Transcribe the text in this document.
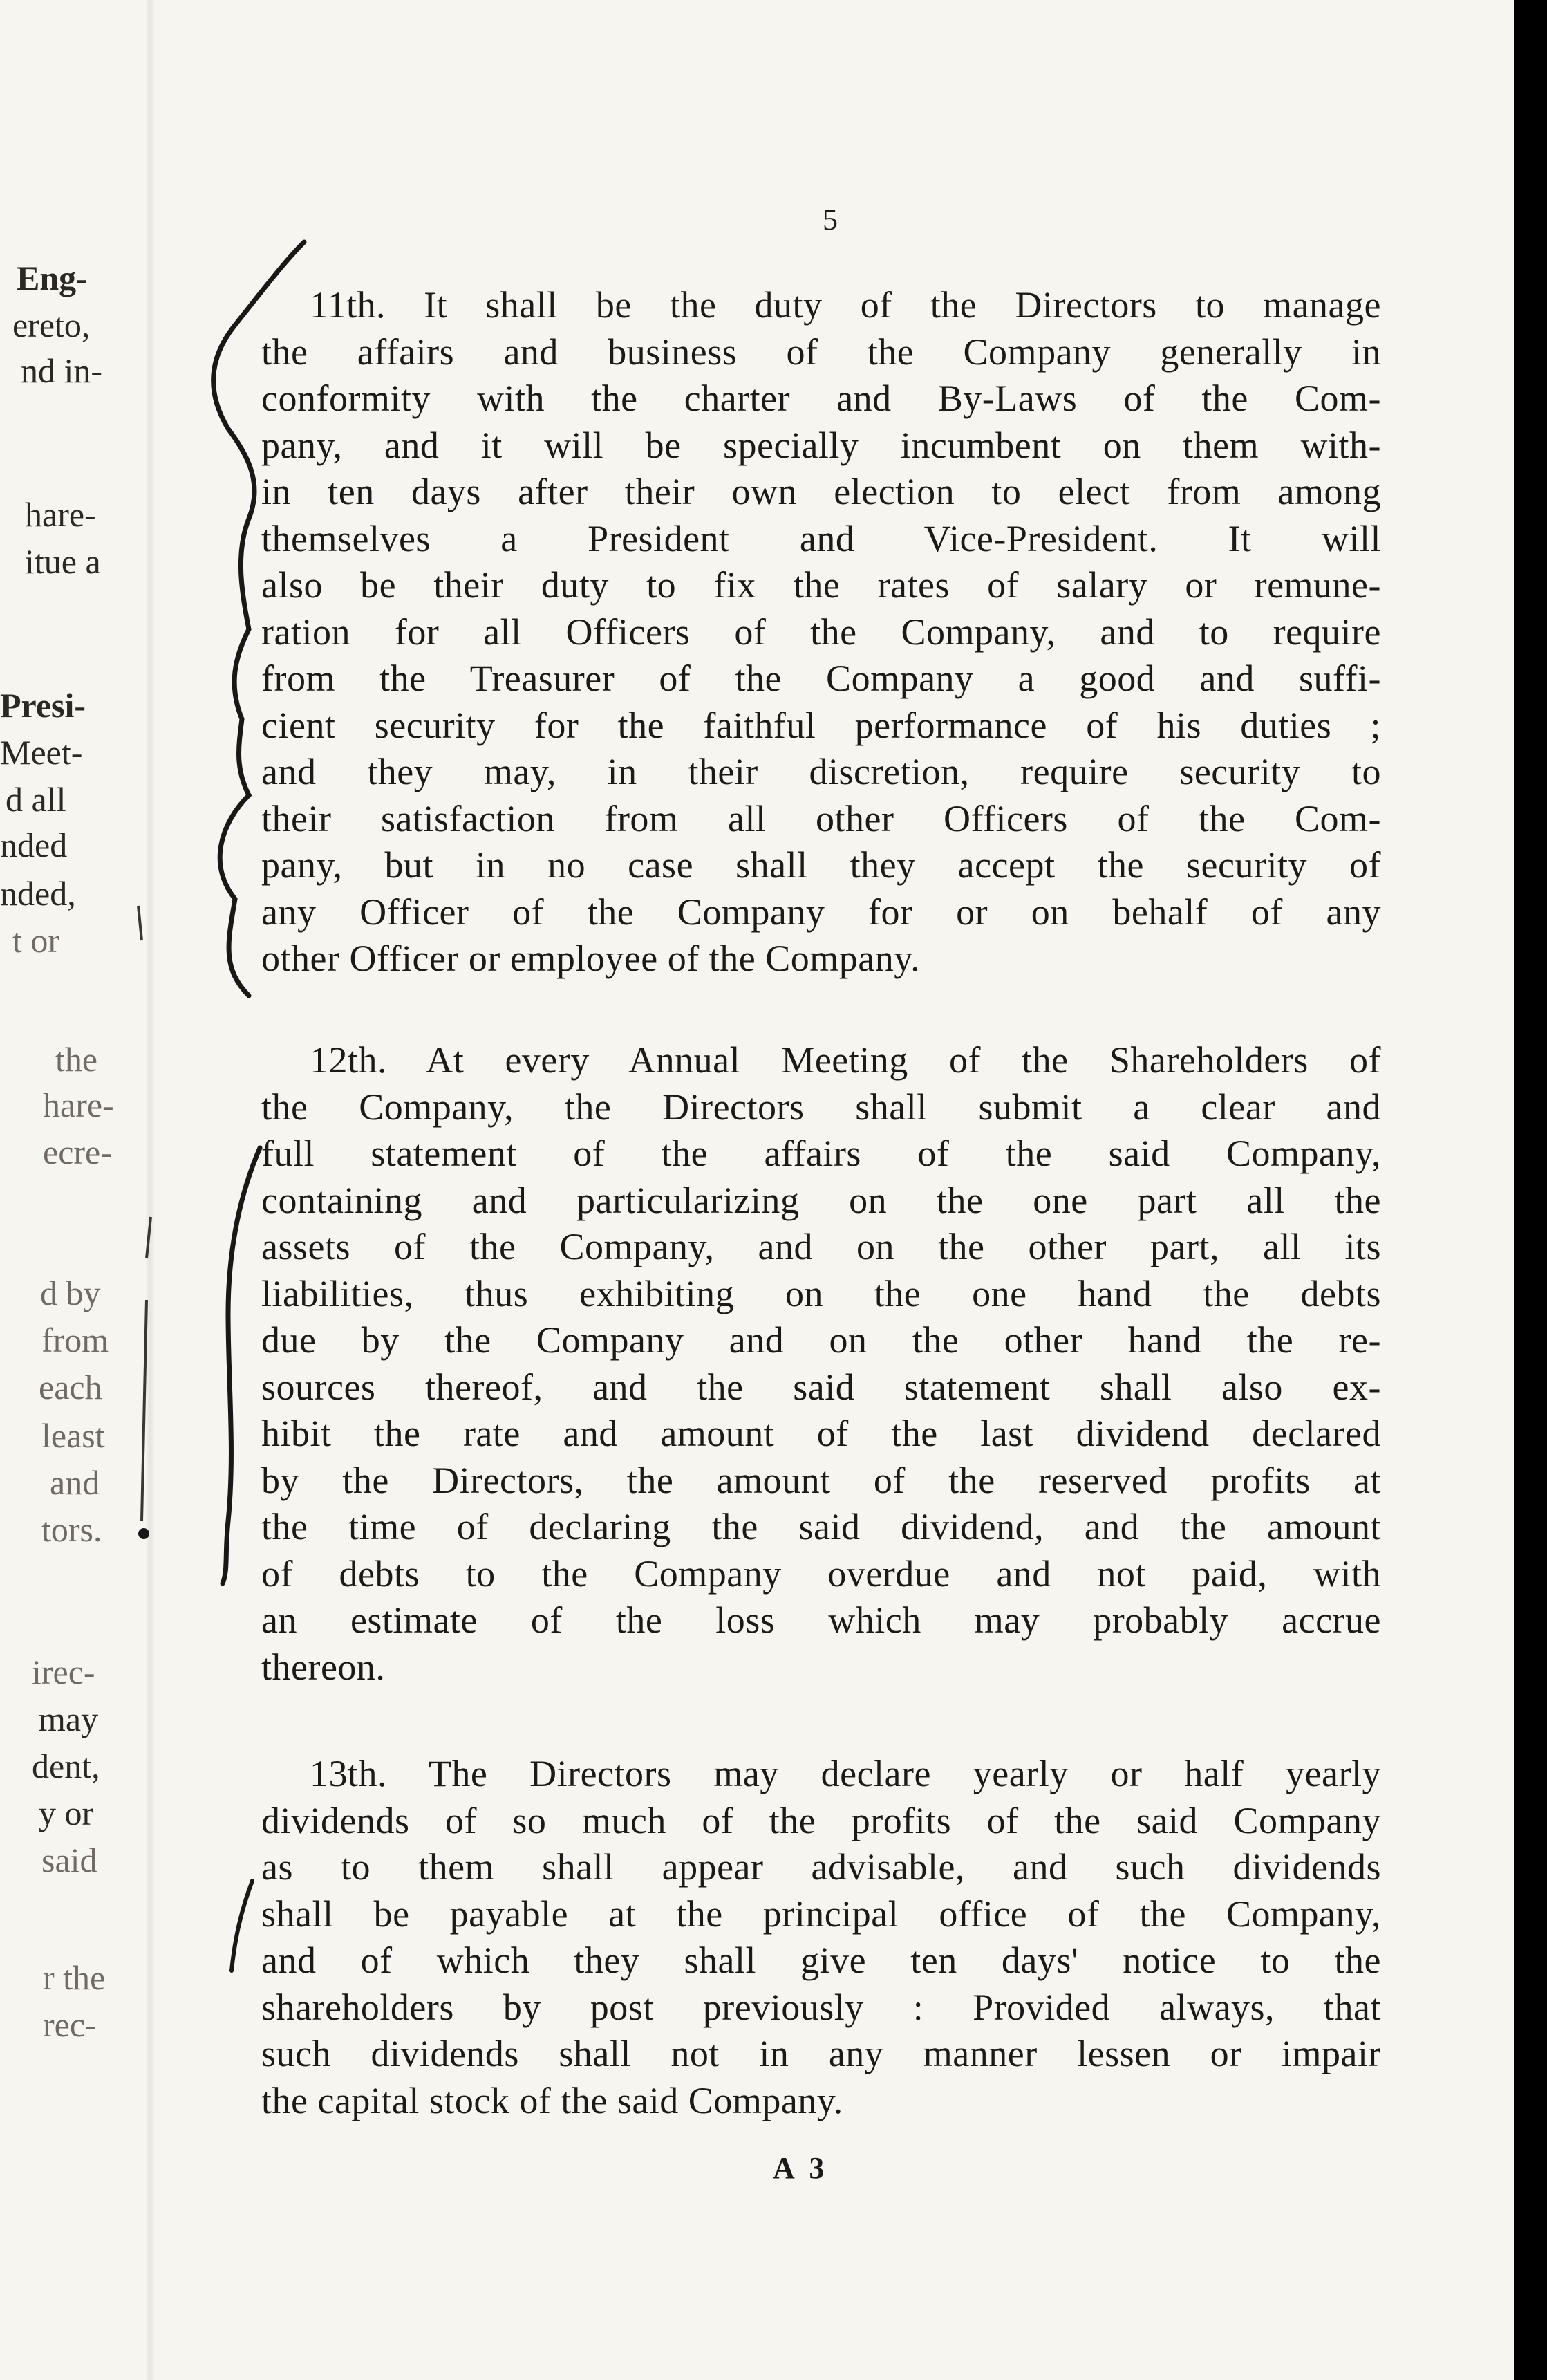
Eng-
ereto,
nd in-
hare-
itue a
Presi-
Meet-
d all
nded
nded,
t or
the
hare-
ecre-
d by
from
each
least
and
tors.
irec-
may
dent,
y or
said
r the
rec-
5
11th. It shall be the duty of the Directors to manage
the affairs and business of the Company generally in
conformity with the charter and By-Laws of the Com-
pany, and it will be specially incumbent on them with-
in ten days after their own election to elect from among
themselves a President and Vice-President. It will
also be their duty to fix the rates of salary or remune-
ration for all Officers of the Company, and to require
from the Treasurer of the Company a good and suffi-
cient security for the faithful performance of his duties ;
and they may, in their discretion, require security to
their satisfaction from all other Officers of the Com-
pany, but in no case shall they accept the security of
any Officer of the Company for or on behalf of any
other Officer or employee of the Company.
12th. At every Annual Meeting of the Shareholders of
the Company, the Directors shall submit a clear and
full statement of the affairs of the said Company,
containing and particularizing on the one part all the
assets of the Company, and on the other part, all its
liabilities, thus exhibiting on the one hand the debts
due by the Company and on the other hand the re-
sources thereof, and the said statement shall also ex-
hibit the rate and amount of the last dividend declared
by the Directors, the amount of the reserved profits at
the time of declaring the said dividend, and the amount
of debts to the Company overdue and not paid, with
an estimate of the loss which may probably accrue
thereon.
13th. The Directors may declare yearly or half yearly
dividends of so much of the profits of the said Company
as to them shall appear advisable, and such dividends
shall be payable at the principal office of the Company,
and of which they shall give ten days' notice to the
shareholders by post previously : Provided always, that
such dividends shall not in any manner lessen or impair
the capital stock of the said Company.
A 3
